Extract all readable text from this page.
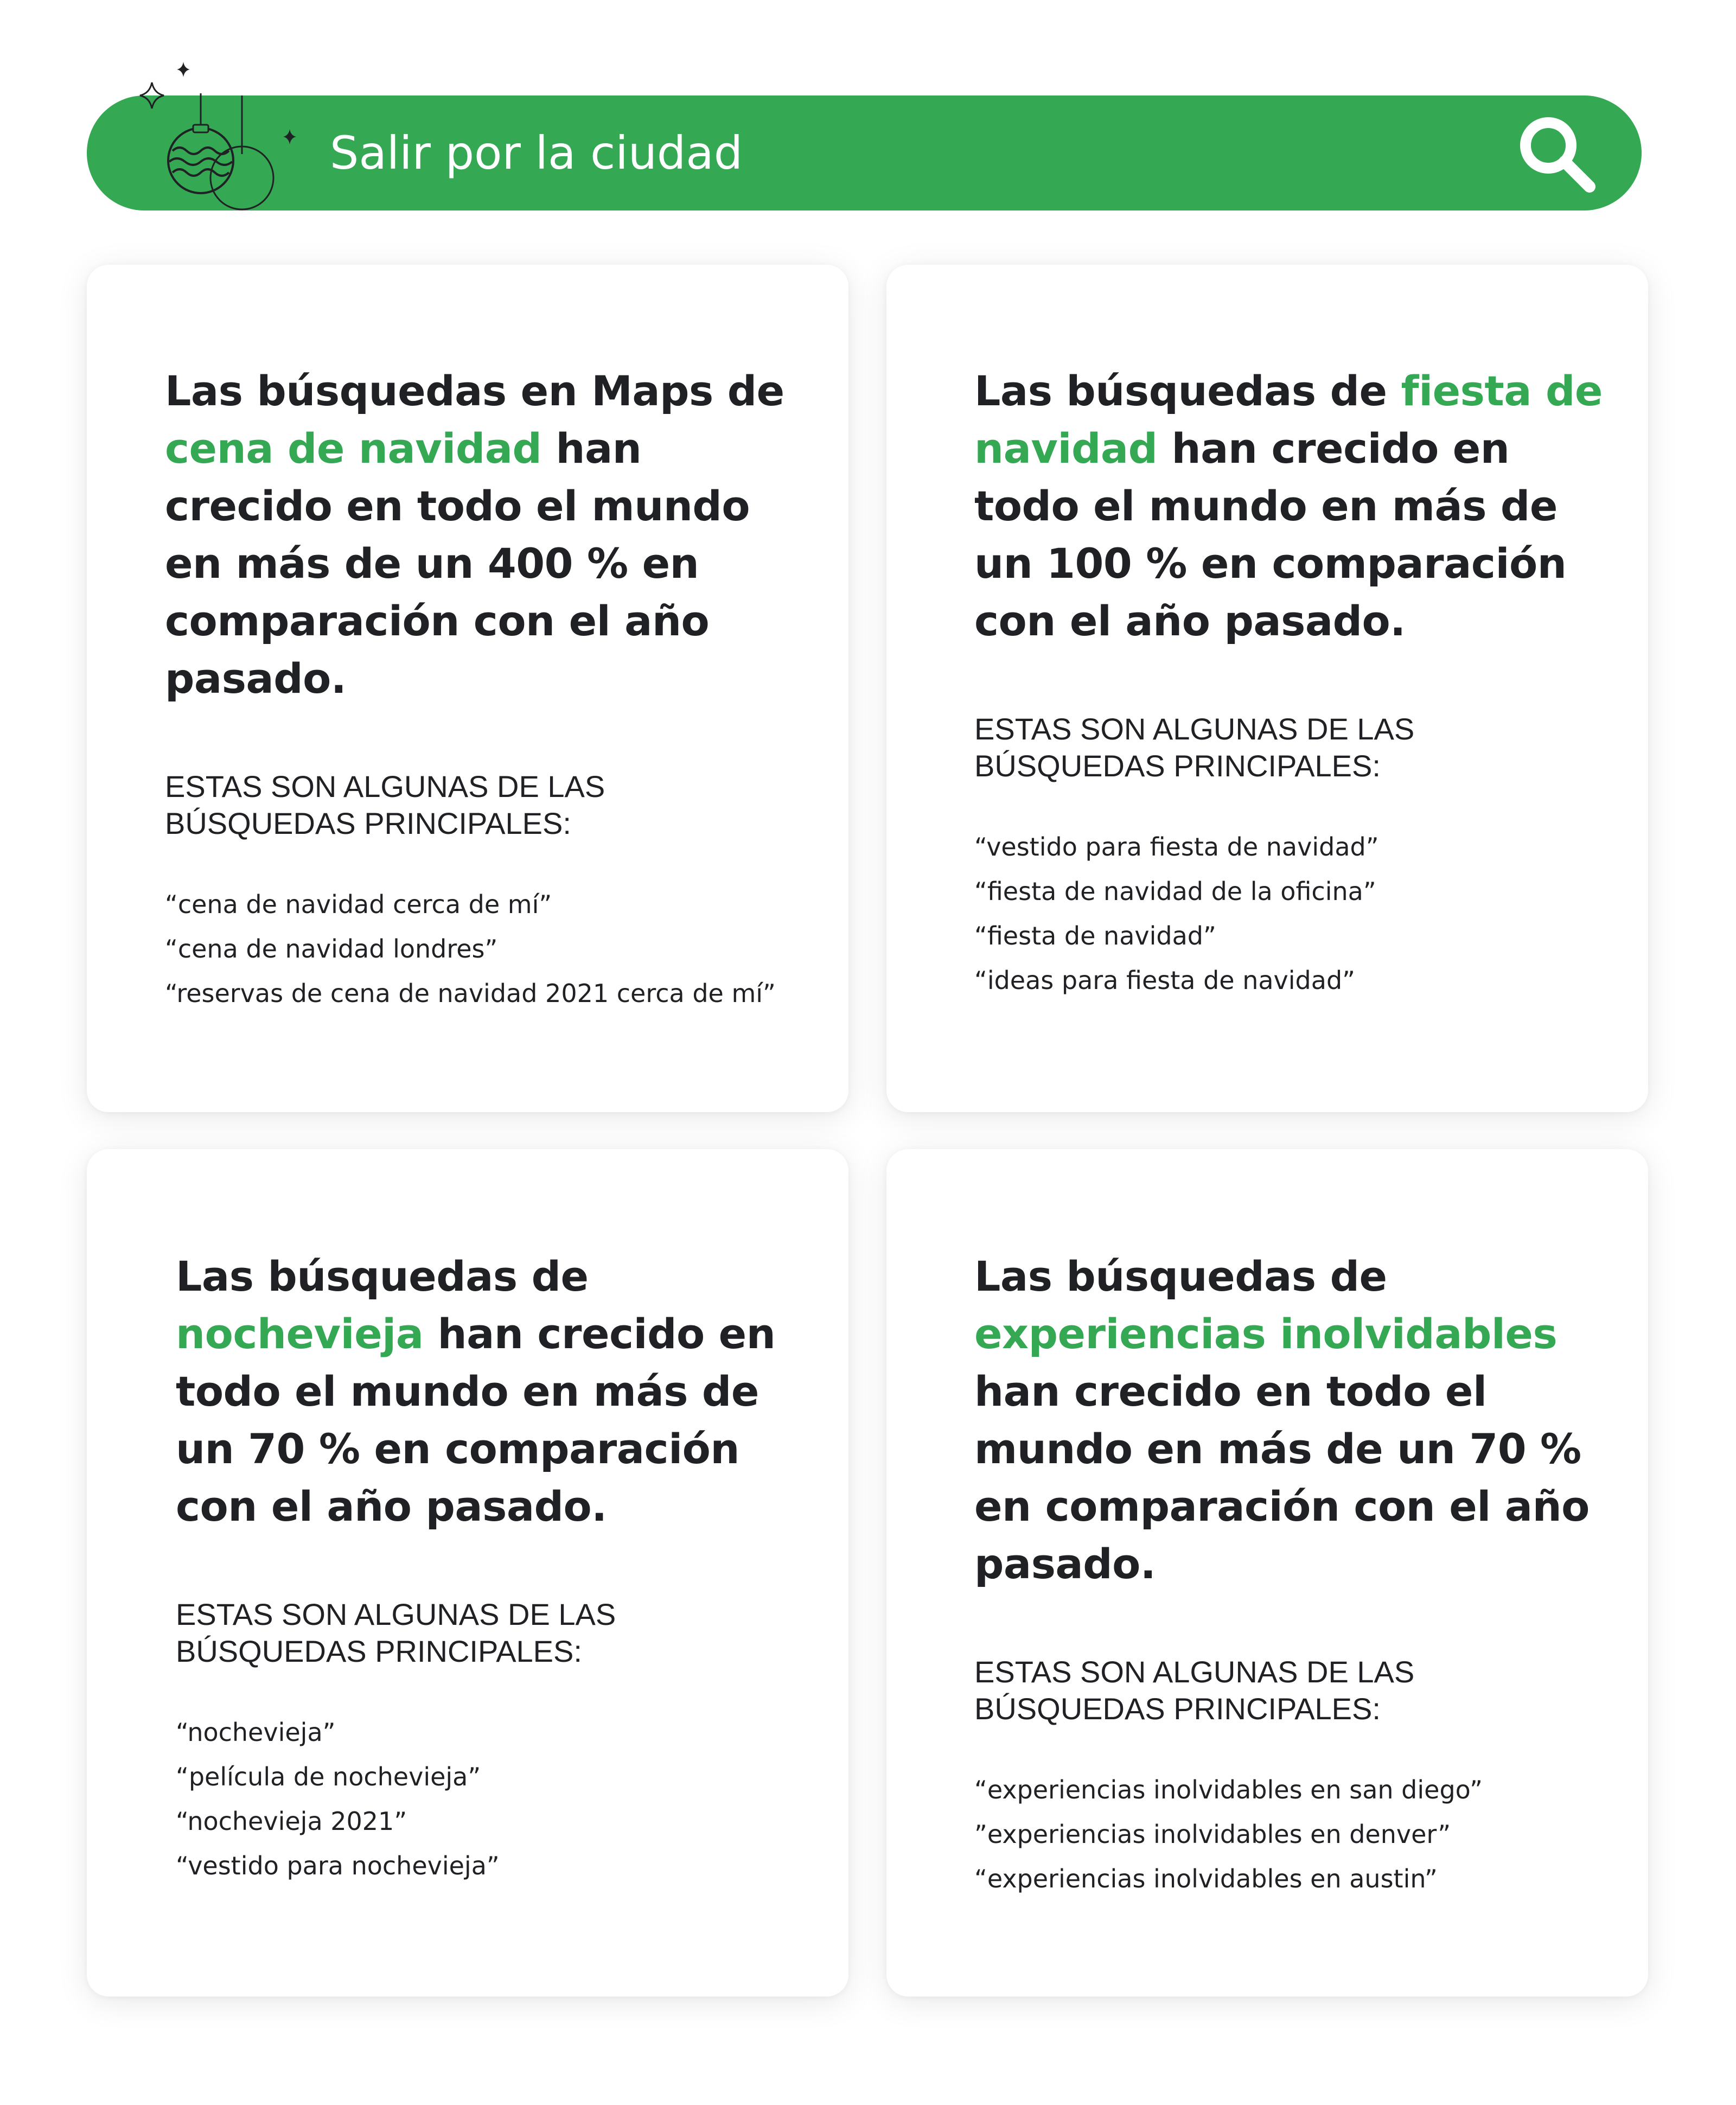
Salir por la ciudad

Las búsquedas en Maps de cena de navidad han crecido en todo el mundo en más de un 400 % en comparación con el año pasado.

ESTAS SON ALGUNAS DE LAS BÚSQUEDAS PRINCIPALES:
“cena de navidad cerca de mí”
“cena de navidad londres”
“reservas de cena de navidad 2021 cerca de mí”

Las búsquedas de fiesta de navidad han crecido en todo el mundo en más de un 100 % en comparación con el año pasado.

ESTAS SON ALGUNAS DE LAS BÚSQUEDAS PRINCIPALES:
“vestido para fiesta de navidad”
“fiesta de navidad de la oficina”
“fiesta de navidad”
“ideas para fiesta de navidad”

Las búsquedas de nochevieja han crecido en todo el mundo en más de un 70 % en comparación con el año pasado.

ESTAS SON ALGUNAS DE LAS BÚSQUEDAS PRINCIPALES:
“nochevieja”
“película de nochevieja”
“nochevieja 2021”
“vestido para nochevieja”

Las búsquedas de experiencias inolvidables han crecido en todo el mundo en más de un 70 % en comparación con el año pasado.

ESTAS SON ALGUNAS DE LAS BÚSQUEDAS PRINCIPALES:
“experiencias inolvidables en san diego”
”experiencias inolvidables en denver”
“experiencias inolvidables en austin”
